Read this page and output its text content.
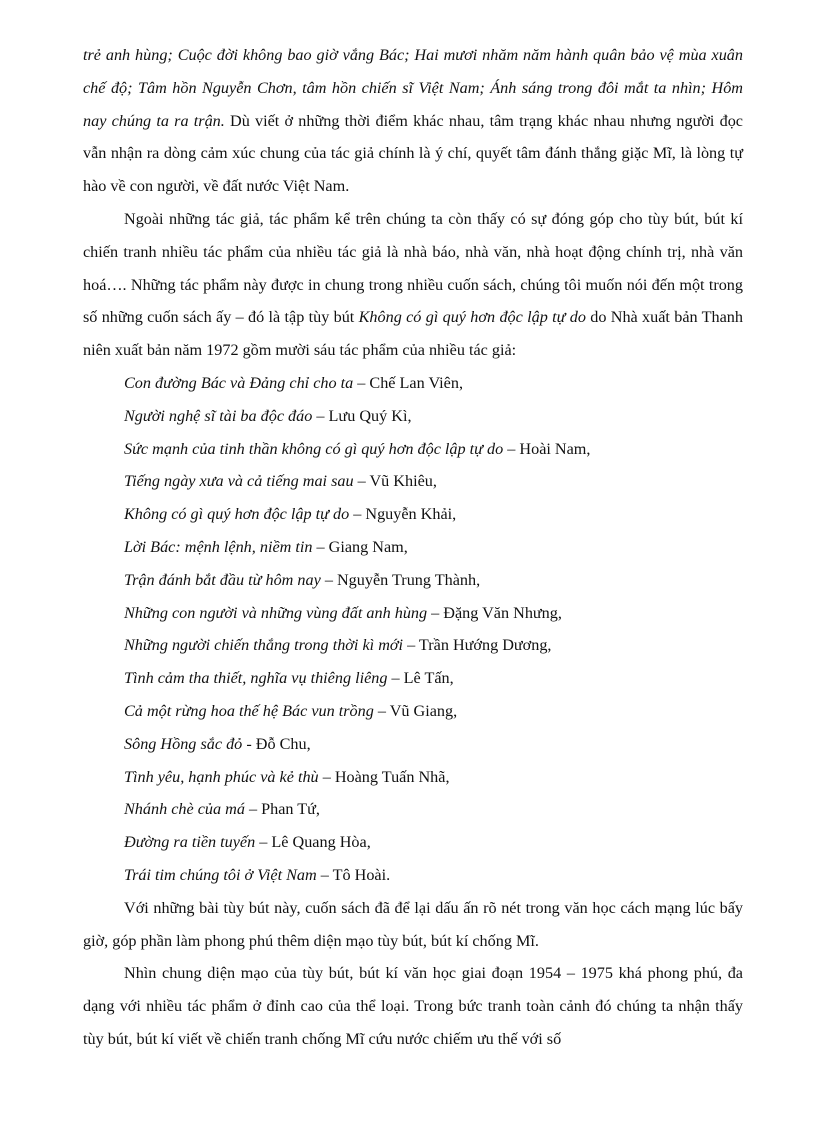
trẻ anh hùng; Cuộc đời không bao giờ vắng Bác; Hai mươi nhăm năm hành quân bảo vệ mùa xuân chế độ; Tâm hồn Nguyễn Chơn, tâm hồn chiến sĩ Việt Nam; Ánh sáng trong đôi mắt ta nhìn; Hôm nay chúng ta ra trận. Dù viết ở những thời điểm khác nhau, tâm trạng khác nhau nhưng người đọc vẫn nhận ra dòng cảm xúc chung của tác giả chính là ý chí, quyết tâm đánh thắng giặc Mĩ, là lòng tự hào về con người, về đất nước Việt Nam.

Ngoài những tác giả, tác phẩm kể trên chúng ta còn thấy có sự đóng góp cho tùy bút, bút kí chiến tranh nhiều tác phẩm của nhiều tác giả là nhà báo, nhà văn, nhà hoạt động chính trị, nhà văn hoá…. Những tác phẩm này được in chung trong nhiều cuốn sách, chúng tôi muốn nói đến một trong số những cuốn sách ấy – đó là tập tùy bút Không có gì quý hơn độc lập tự do do Nhà xuất bản Thanh niên xuất bản năm 1972 gồm mười sáu tác phẩm của nhiều tác giả:

Con đường Bác và Đảng chỉ cho ta – Chế Lan Viên,
Người nghệ sĩ tài ba độc đáo – Lưu Quý Kì,
Sức mạnh của tinh thần không có gì quý hơn độc lập tự do – Hoài Nam,
Tiếng ngày xưa và cả tiếng mai sau – Vũ Khiêu,
Không có gì quý hơn độc lập tự do – Nguyễn Khải,
Lời Bác: mệnh lệnh, niềm tin – Giang Nam,
Trận đánh bắt đầu từ hôm nay – Nguyễn Trung Thành,
Những con người và những vùng đất anh hùng – Đặng Văn Nhưng,
Những người chiến thắng trong thời kì mới – Trần Hướng Dương,
Tình cảm tha thiết, nghĩa vụ thiêng liêng – Lê Tấn,
Cả một rừng hoa thế hệ Bác vun trồng – Vũ Giang,
Sông Hồng sắc đỏ - Đỗ Chu,
Tình yêu, hạnh phúc và kẻ thù – Hoàng Tuấn Nhã,
Nhánh chè của má – Phan Tứ,
Đường ra tiền tuyến – Lê Quang Hòa,
Trái tim chúng tôi ở Việt Nam – Tô Hoài.

Với những bài tùy bút này, cuốn sách đã để lại dấu ấn rõ nét trong văn học cách mạng lúc bấy giờ, góp phần làm phong phú thêm diện mạo tùy bút, bút kí chống Mĩ.

Nhìn chung diện mạo của tùy bút, bút kí văn học giai đoạn 1954 – 1975 khá phong phú, đa dạng với nhiều tác phẩm ở đỉnh cao của thể loại. Trong bức tranh toàn cảnh đó chúng ta nhận thấy tùy bút, bút kí viết về chiến tranh chống Mĩ cứu nước chiếm ưu thế với số
